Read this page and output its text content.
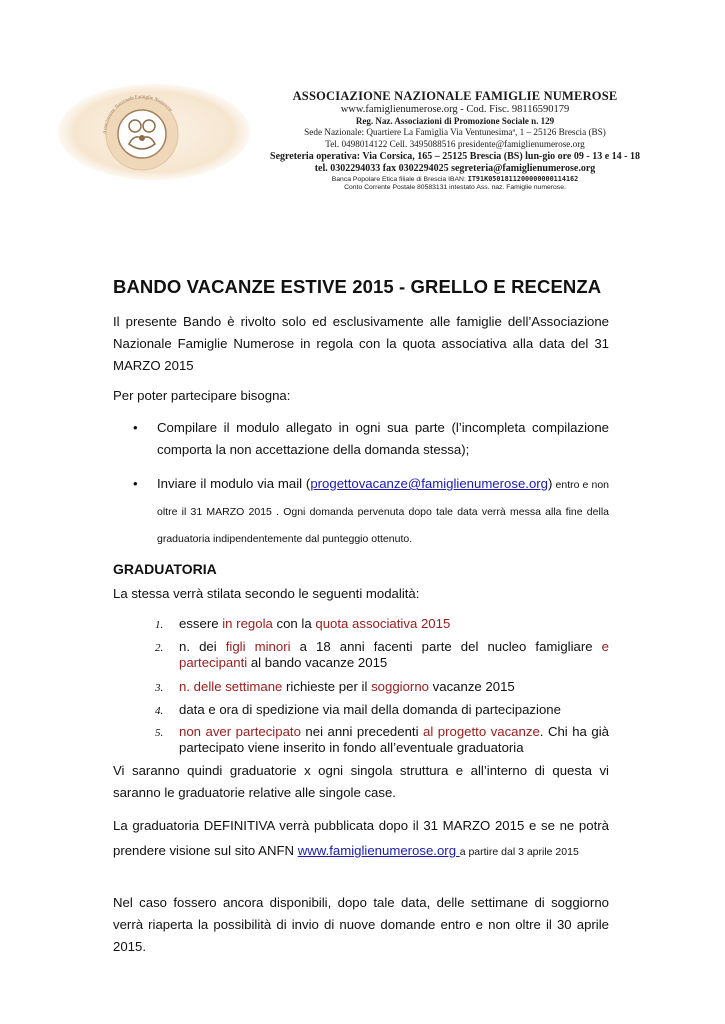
Associazione Nazionale Famiglie Numerose
ASSOCIAZIONE NAZIONALE FAMIGLIE NUMEROSE
www.famiglienumerose.org - Cod. Fisc. 98116590179
Reg. Naz. Associazioni di Promozione Sociale n. 129
Sede Nazionale: Quartiere La Famiglia Via Ventunesimaª, 1 – 25126 Brescia (BS)
Tel. 0498014122 Cell. 3495088516 presidente@famiglienumerose.org
Segreteria operativa: Via Corsica, 165 – 25125 Brescia (BS) lun-gio ore 09 - 13 e 14 - 18
tel. 0302294033 fax 0302294025 segreteria@famiglienumerose.org
Banca Popolare Etica filiale di Brescia IBAN: IT91K0501811200000000114162
Conto Corrente Postale 80583131 intestato Ass. naz. Famiglie numerose.
BANDO VACANZE ESTIVE 2015 - GRELLO E RECENZA
Il presente Bando è rivolto solo ed esclusivamente alle famiglie dell’Associazione Nazionale Famiglie Numerose in regola con la quota associativa alla data del 31 MARZO 2015
Per poter partecipare bisogna:
• Compilare il modulo allegato in ogni sua parte (l’incompleta compilazione comporta la non accettazione della domanda stessa);
• Inviare il modulo via mail (progettovacanze@famiglienumerose.org) entro e non oltre il 31 MARZO 2015 . Ogni domanda pervenuta dopo tale data verrà messa alla fine della graduatoria indipendentemente dal punteggio ottenuto.
GRADUATORIA
La stessa verrà stilata secondo le seguenti modalità:
1. essere in regola con la quota associativa 2015
2. n. dei figli minori a 18 anni facenti parte del nucleo famigliare e partecipanti al bando vacanze 2015
3. n. delle settimane richieste per il soggiorno vacanze 2015
4. data e ora di spedizione via mail della domanda di partecipazione
5. non aver partecipato nei anni precedenti al progetto vacanze. Chi ha già partecipato viene inserito in fondo all’eventuale graduatoria
Vi saranno quindi graduatorie x ogni singola struttura e all’interno di questa vi saranno le graduatorie relative alle singole case.
La graduatoria DEFINITIVA verrà pubblicata dopo il 31 MARZO 2015 e se ne potrà prendere visione sul sito ANFN www.famiglienumerose.org a partire dal 3 aprile 2015
Nel caso fossero ancora disponibili, dopo tale data, delle settimane di soggiorno verrà riaperta la possibilità di invio di nuove domande entro e non oltre il 30 aprile 2015.
